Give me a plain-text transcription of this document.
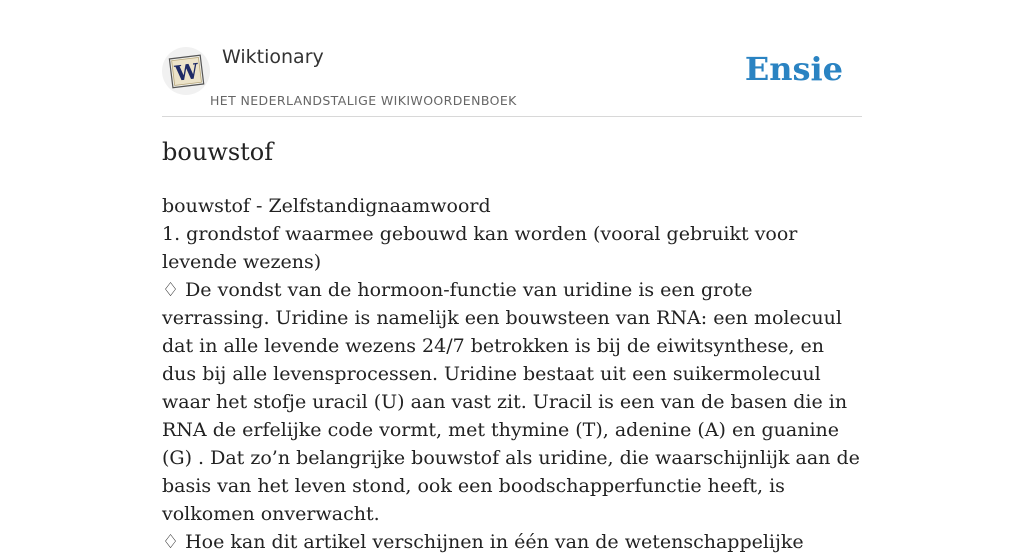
W
Wiktionary
HET NEDERLANDSTALIGE WIKIWOORDENBOEK
Ensie
bouwstof
bouwstof - Zelfstandignaamwoord
1. grondstof waarmee gebouwd kan worden (vooral gebruikt voor levende wezens)
♢ De vondst van de hormoon-functie van uridine is een grote verrassing. Uridine is namelijk een bouwsteen van RNA: een molecuul dat in alle levende wezens 24/7 betrokken is bij de eiwitsynthese, en dus bij alle levensprocessen. Uridine bestaat uit een suikermolecuul waar het stofje uracil (U) aan vast zit. Uracil is een van de basen die in RNA de erfelijke code vormt, met thymine (T), adenine (A) en guanine (G) . Dat zo’n belangrijke bouwstof als uridine, die waarschijnlijk aan de basis van het leven stond, ook een boodschapperfunctie heeft, is volkomen onverwacht.
♢ Hoe kan dit artikel verschijnen in één van de wetenschappelijke
